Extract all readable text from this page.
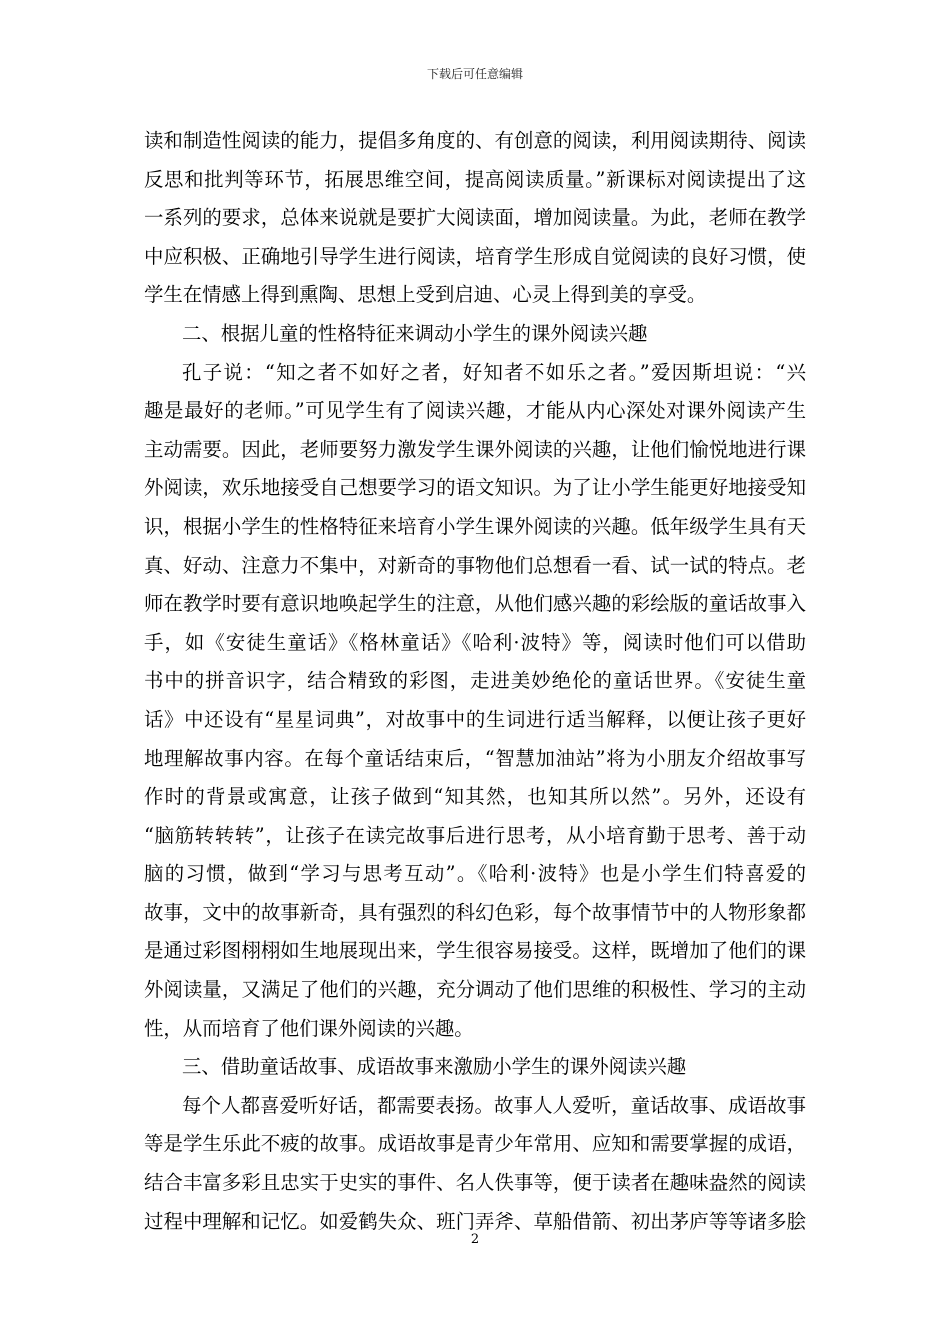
下载后可任意编辑
读和制造性阅读的能力，提倡多角度的、有创意的阅读，利用阅读期待、阅读
反思和批判等环节，拓展思维空间，提高阅读质量。”新课标对阅读提出了这
一系列的要求，总体来说就是要扩大阅读面，增加阅读量。为此，老师在教学
中应积极、正确地引导学生进行阅读，培育学生形成自觉阅读的良好习惯，使
学生在情感上得到熏陶、思想上受到启迪、心灵上得到美的享受。
二、根据儿童的性格特征来调动小学生的课外阅读兴趣
孔子说：“知之者不如好之者，好知者不如乐之者。”爱因斯坦说：“兴
趣是最好的老师。”可见学生有了阅读兴趣，才能从内心深处对课外阅读产生
主动需要。因此，老师要努力激发学生课外阅读的兴趣，让他们愉悦地进行课
外阅读，欢乐地接受自己想要学习的语文知识。为了让小学生能更好地接受知
识，根据小学生的性格特征来培育小学生课外阅读的兴趣。低年级学生具有天
真、好动、注意力不集中，对新奇的事物他们总想看一看、试一试的特点。老
师在教学时要有意识地唤起学生的注意，从他们感兴趣的彩绘版的童话故事入
手，如《安徒生童话》《格林童话》《哈利·波特》等，阅读时他们可以借助
书中的拼音识字，结合精致的彩图，走进美妙绝伦的童话世界。《安徒生童
话》中还设有“星星词典”，对故事中的生词进行适当解释，以便让孩子更好
地理解故事内容。在每个童话结束后，“智慧加油站”将为小朋友介绍故事写
作时的背景或寓意，让孩子做到“知其然，也知其所以然”。另外，还设有
“脑筋转转转”，让孩子在读完故事后进行思考，从小培育勤于思考、善于动
脑的习惯，做到“学习与思考互动”。《哈利·波特》也是小学生们特喜爱的
故事，文中的故事新奇，具有强烈的科幻色彩，每个故事情节中的人物形象都
是通过彩图栩栩如生地展现出来，学生很容易接受。这样，既增加了他们的课
外阅读量，又满足了他们的兴趣，充分调动了他们思维的积极性、学习的主动
性，从而培育了他们课外阅读的兴趣。
三、借助童话故事、成语故事来激励小学生的课外阅读兴趣
每个人都喜爱听好话，都需要表扬。故事人人爱听，童话故事、成语故事
等是学生乐此不疲的故事。成语故事是青少年常用、应知和需要掌握的成语，
结合丰富多彩且忠实于史实的事件、名人佚事等，便于读者在趣味盎然的阅读
过程中理解和记忆。如爱鹤失众、班门弄斧、草船借箭、初出茅庐等等诸多脍
2
